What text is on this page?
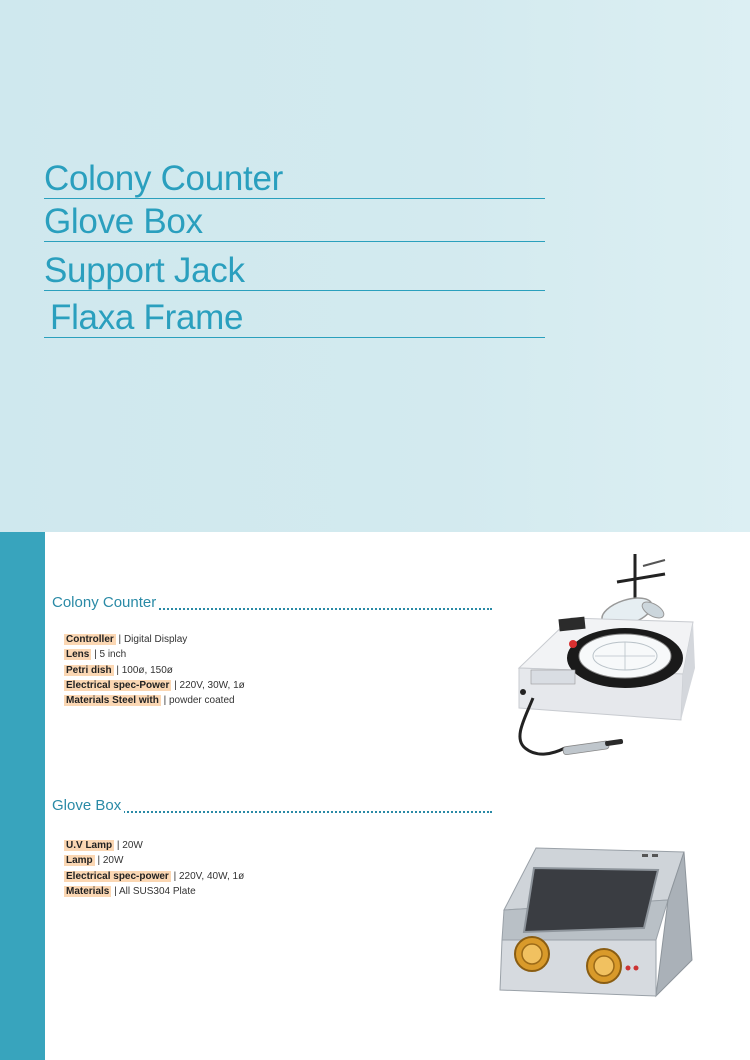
Colony Counter
Glove Box
Support Jack
Flaxa Frame
Colony Counter
Controller | Digital Display
Lens | 5 inch
Petri dish | 100ø, 150ø
Electrical spec-Power | 220V, 30W, 1ø
Materials Steel with | powder coated
Glove Box
U.V Lamp | 20W
Lamp | 20W
Electrical spec-power | 220V, 40W, 1ø
Materials | All SUS304 Plate
